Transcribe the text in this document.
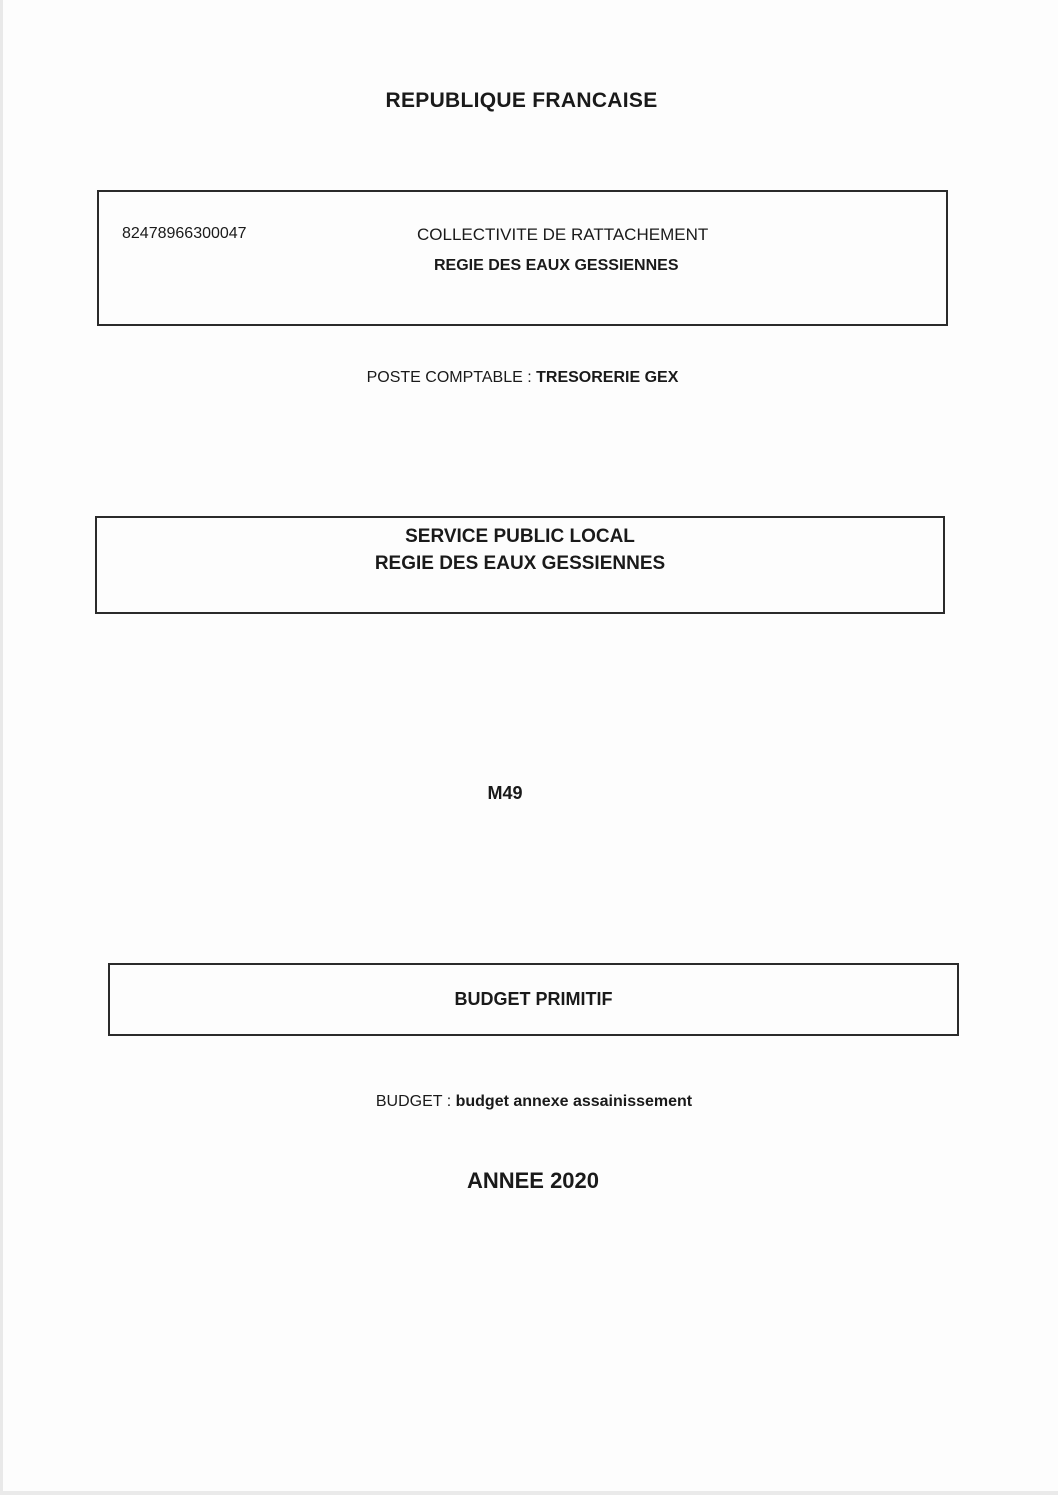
REPUBLIQUE FRANCAISE
82478966300047	COLLECTIVITE DE RATTACHEMENT
REGIE DES EAUX GESSIENNES
POSTE COMPTABLE : TRESORERIE GEX
SERVICE PUBLIC LOCAL
REGIE DES EAUX GESSIENNES
M49
BUDGET PRIMITIF
BUDGET : budget annexe assainissement
ANNEE 2020
